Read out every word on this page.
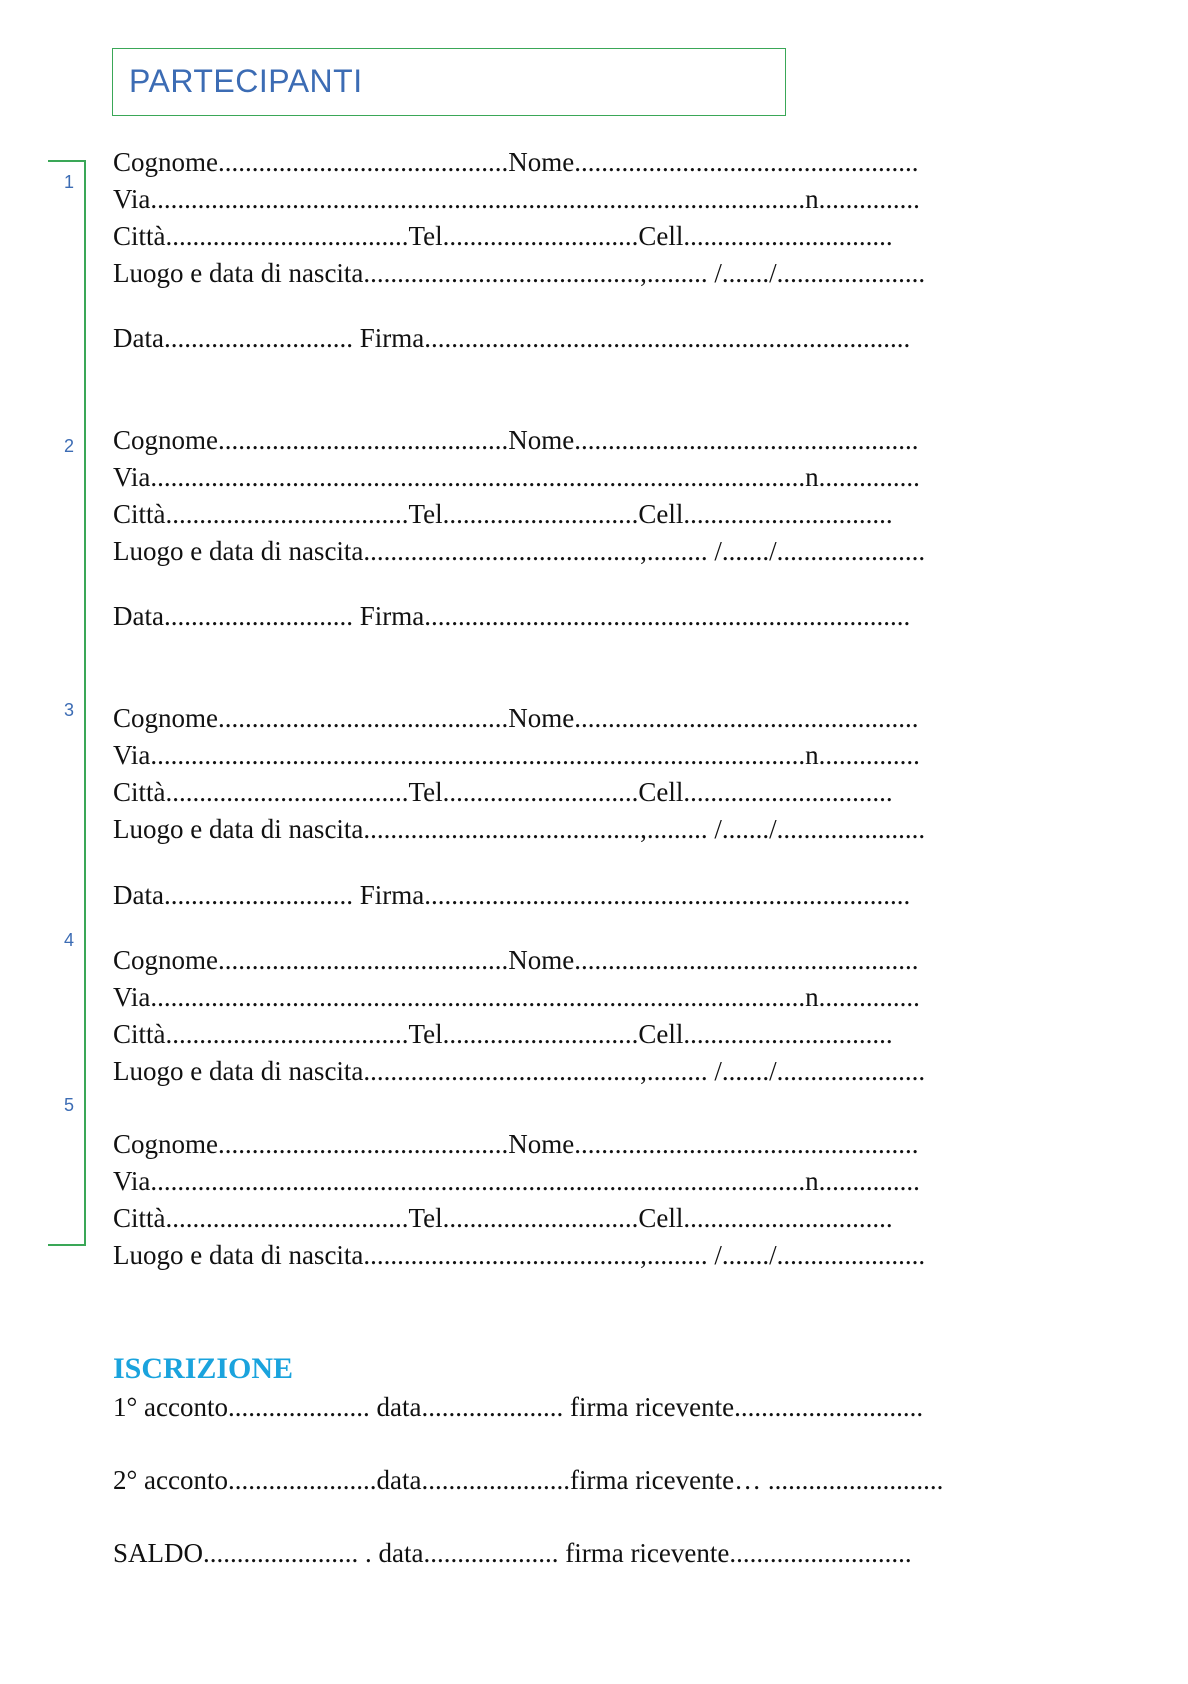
PARTECIPANTI
1
2
3
4
5
Cognome...........................................Nome...................................................
Via.................................................................................................n...............
Città....................................Tel.............................Cell...............................
Luogo e data di nascita.........................................,......... /......./......................
Data............................ Firma........................................................................
Cognome...........................................Nome...................................................
Via.................................................................................................n...............
Città....................................Tel.............................Cell...............................
Luogo e data di nascita.........................................,......... /......./......................
Data............................ Firma........................................................................
Cognome...........................................Nome...................................................
Via.................................................................................................n...............
Città....................................Tel.............................Cell...............................
Luogo e data di nascita.........................................,......... /......./......................
Data............................ Firma........................................................................
Cognome...........................................Nome...................................................
Via.................................................................................................n...............
Città....................................Tel.............................Cell...............................
Luogo e data di nascita.........................................,......... /......./......................
Cognome...........................................Nome...................................................
Via.................................................................................................n...............
Città....................................Tel.............................Cell...............................
Luogo e data di nascita.........................................,......... /......./......................
ISCRIZIONE
1° acconto..................... data..................... firma ricevente............................
2° acconto......................data......................firma ricevente… ..........................
SALDO....................... . data.................... firma ricevente...........................
